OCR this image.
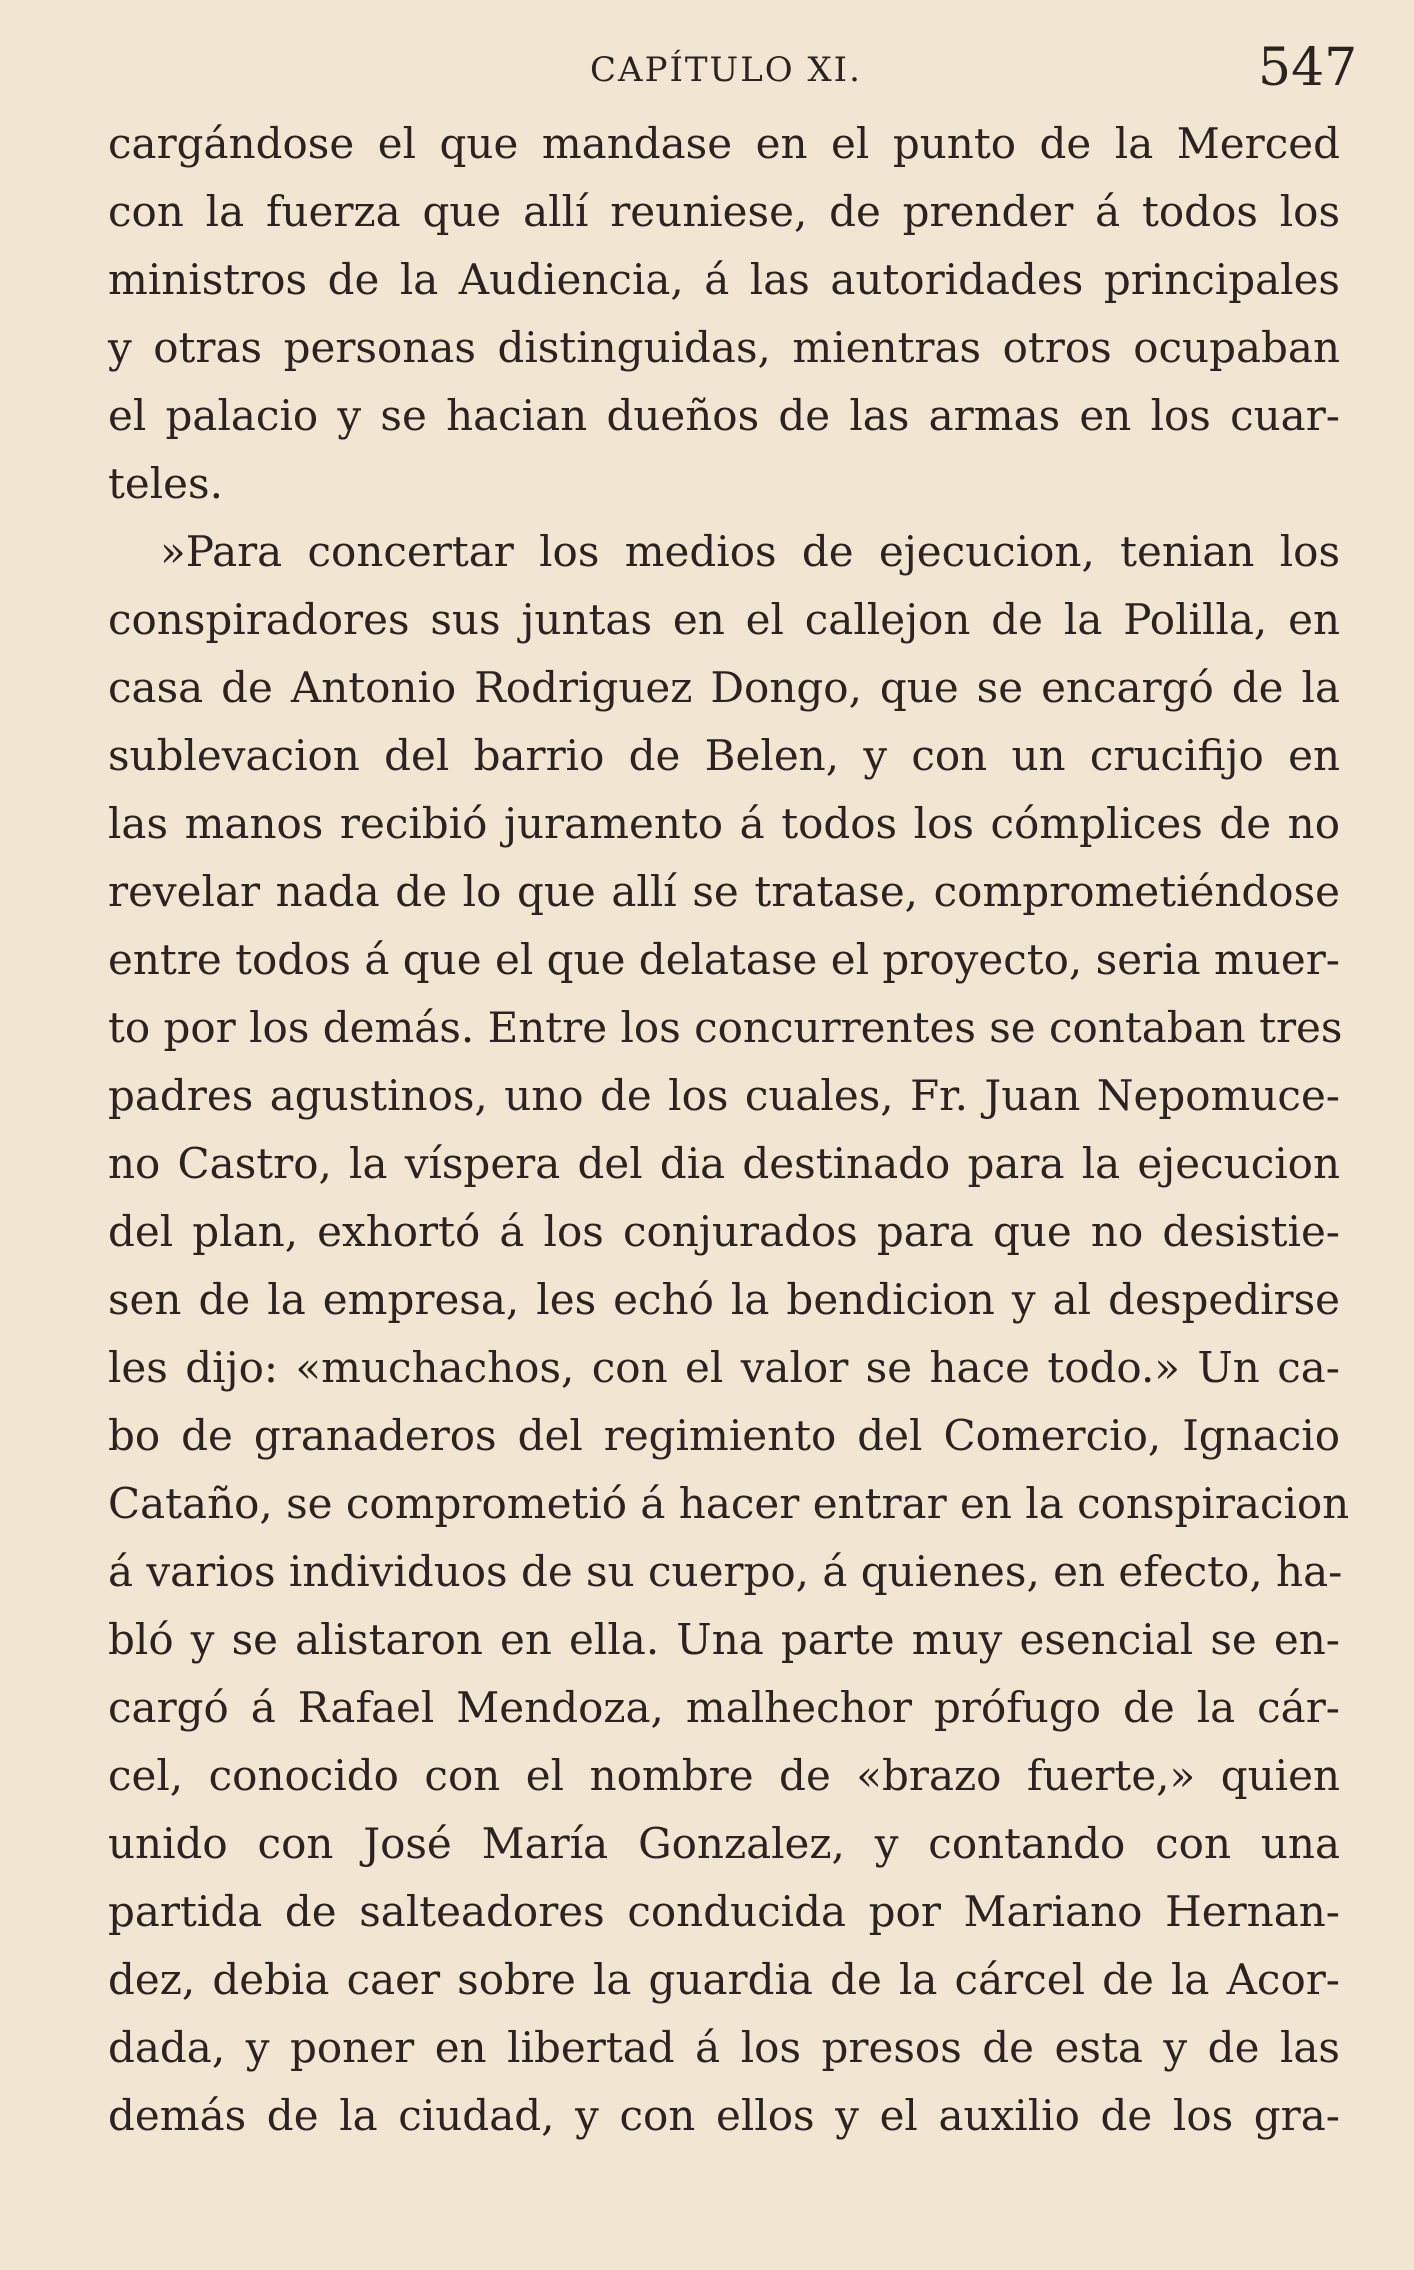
CAPÍTULO XI.	547
cargándose el que mandase en el punto de la Merced
con la fuerza que allí reuniese, de prender á todos los
ministros de la Audiencia, á las autoridades principales
y otras personas distinguidas, mientras otros ocupaban
el palacio y se hacian dueños de las armas en los cuar-
teles.
»Para concertar los medios de ejecucion, tenian los
conspiradores sus juntas en el callejon de la Polilla, en
casa de Antonio Rodriguez Dongo, que se encargó de la
sublevacion del barrio de Belen, y con un crucifijo en
las manos recibió juramento á todos los cómplices de no
revelar nada de lo que allí se tratase, comprometiéndose
entre todos á que el que delatase el proyecto, seria muer-
to por los demás. Entre los concurrentes se contaban tres
padres agustinos, uno de los cuales, Fr. Juan Nepomuce-
no Castro, la víspera del dia destinado para la ejecucion
del plan, exhortó á los conjurados para que no desistie-
sen de la empresa, les echó la bendicion y al despedirse
les dijo: «muchachos, con el valor se hace todo.» Un ca-
bo de granaderos del regimiento del Comercio, Ignacio
Cataño, se comprometió á hacer entrar en la conspiracion
á varios individuos de su cuerpo, á quienes, en efecto, ha-
bló y se alistaron en ella. Una parte muy esencial se en-
cargó á Rafael Mendoza, malhechor prófugo de la cár-
cel, conocido con el nombre de «brazo fuerte,» quien
unido con José María Gonzalez, y contando con una
partida de salteadores conducida por Mariano Hernan-
dez, debia caer sobre la guardia de la cárcel de la Acor-
dada, y poner en libertad á los presos de esta y de las
demás de la ciudad, y con ellos y el auxilio de los gra-
